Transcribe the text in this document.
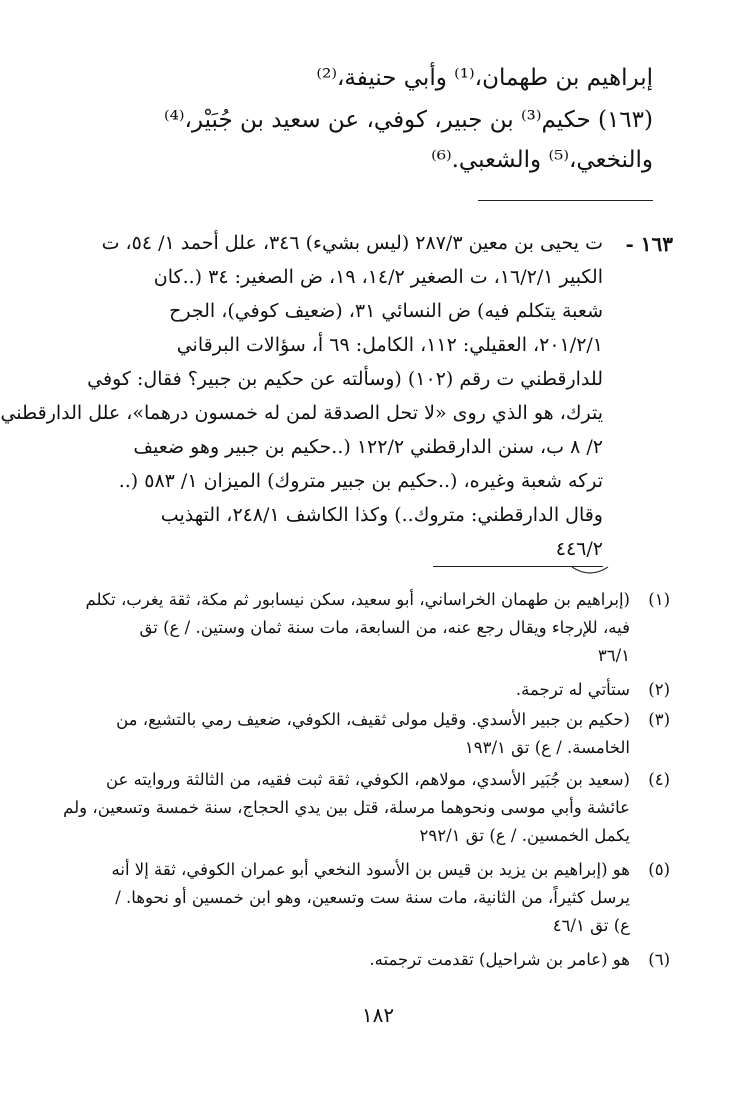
إبراهيم بن طهمان،⁽¹⁾ وأبي حنيفة،⁽²⁾
(١٦٣) حكيم⁽³⁾ بن جبير، كوفي، عن سعيد بن جُبَيْر،⁽⁴⁾
والنخعي،⁽⁵⁾ والشعبي.⁽⁶⁾
١٦٣ -
ت يحيى بن معين ٢٨٧/٣ (ليس بشيء) ٣٤٦، علل أحمد ١/ ٥٤، ت
الكبير ١٦/٢/١، ت الصغير ١٤/٢، ١٩، ض الصغير: ٣٤ (..كان
شعبة يتكلم فيه) ض النسائي ٣١، (ضعيف كوفي)، الجرح
٢٠١/٢/١، العقيلي: ١١٢، الكامل: ٦٩ أ، سؤالات البرقاني
للدارقطني ت رقم (١٠٢) (وسألته عن حكيم بن جبير؟ فقال: كوفي
يترك، هو الذي روى «لا تحل الصدقة لمن له خمسون درهما»، علل الدارقطني
٢/ ٨ ب، سنن الدارقطني ١٢٢/٢ (..حكيم بن جبير وهو ضعيف
تركه شعبة وغيره، (..حكيم بن جبير متروك) الميزان ١/ ٥٨٣ (..
وقال الدارقطني: متروك..) وكذا الكاشف ٢٤٨/١، التهذيب
٤٤٦/٢
(١)
(إبراهيم بن طهمان الخراساني، أبو سعيد، سكن نيسابور ثم مكة، ثقة يغرب، تكلم
فيه، للإرجاء ويقال رجع عنه، من السابعة، مات سنة ثمان وستين. / ع) تق
٣٦/١
(٢)
ستأتي له ترجمة.
(٣)
(حكيم بن جبير الأسدي. وقيل مولى ثقيف، الكوفي، ضعيف رمي بالتشيع، من
الخامسة. / ع) تق ١٩٣/١
(٤)
(سعيد بن جُبَير الأسدي، مولاهم، الكوفي، ثقة ثبت فقيه، من الثالثة وروايته عن
عائشة وأبي موسى ونحوهما مرسلة، قتل بين يدي الحجاج، سنة خمسة وتسعين، ولم
يكمل الخمسين. / ع) تق ٢٩٢/١
(٥)
هو (إبراهيم بن يزيد بن قيس بن الأسود النخعي أبو عمران الكوفي، ثقة إلا أنه
يرسل كثيراً، من الثانية، مات سنة ست وتسعين، وهو ابن خمسين أو نحوها. /
ع) تق ٤٦/١
(٦)
هو (عامر بن شراحيل) تقدمت ترجمته.
١٨٢
